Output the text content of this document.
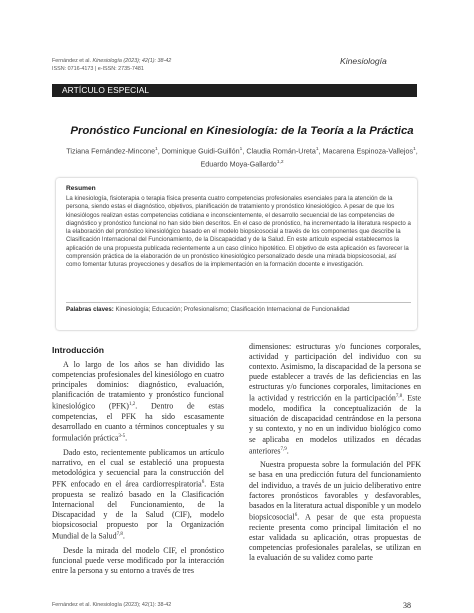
Fernández et al. Kinesiología (2023); 42(1): 38-42
ISSN: 0716-4173 | e-ISSN: 2735-7481
Kinesiología
ARTÍCULO ESPECIAL
Pronóstico Funcional en Kinesiología: de la Teoría a la Práctica
Tiziana Fernández-Mincone$^1$, Dominique Guidi-Guillón$^1$, Claudia Román-Ureta$^1$, Macarena Espinoza-Vallejos$^1$, Eduardo Moya-Gallardo$^{1,2}$
Resumen
La kinesiología, fisioterapia o terapia física presenta cuatro competencias profesionales esenciales para la atención de la persona, siendo estas el diagnóstico, objetivos, planificación de tratamiento y pronóstico kinesiológico. A pesar de que los kinesiólogos realizan estas competencias cotidiana e inconscientemente, el desarrollo secuencial de las competencias de diagnóstico y pronóstico funcional no han sido bien descritos. En el caso de pronóstico, ha incrementado la literatura respecto a la elaboración del pronóstico kinesiológico basado en el modelo biopsicosocial a través de los componentes que describe la Clasificación Internacional del Funcionamiento, de la Discapacidad y de la Salud. En este artículo especial establecemos la aplicación de una propuesta publicada recientemente a un caso clínico hipotético. El objetivo de esta aplicación es favorecer la comprensión práctica de la elaboración de un pronóstico kinesiológico personalizado desde una mirada biopsicosocial, así como fomentar futuras proyecciones y desafíos de la implementación en la formación docente e investigación.
Palabras claves: Kinesiología; Educación; Profesionalismo; Clasificación Internacional de Funcionalidad
Introducción

A lo largo de los años se han dividido las competencias profesionales del kinesiólogo en cuatro principales dominios: diagnóstico, evaluación, planificación de tratamiento y pronóstico funcional kinesiológico (PFK)$^{1,2}$. Dentro de estas competencias, el PFK ha sido escasamente desarrollado en cuanto a términos conceptuales y su formulación práctica$^{3-5}$.

Dado esto, recientemente publicamos un artículo narrativo, en el cual se estableció una propuesta metodológica y secuencial para la construcción del PFK enfocado en el área cardiorrespiratoria$^6$. Esta propuesta se realizó basado en la Clasificación Internacional del Funcionamiento, de la Discapacidad y de la Salud (CIF), modelo biopsicosocial propuesto por la Organización Mundial de la Salud$^{7,8}$.

Desde la mirada del modelo CIF, el pronóstico funcional puede verse modificado por la interacción entre la persona y su entorno a través de tres

dimensiones: estructuras y/o funciones corporales, actividad y participación del individuo con su contexto. Asimismo, la discapacidad de la persona se puede establecer a través de las deficiencias en las estructuras y/o funciones corporales, limitaciones en la actividad y restricción en la participación$^{7,8}$. Este modelo, modifica la conceptualización de la situación de discapacidad centrándose en la persona y su contexto, y no en un individuo biológico como se aplicaba en modelos utilizados en décadas anteriores$^{7,9}$.

Nuestra propuesta sobre la formulación del PFK se basa en una predicción futura del funcionamiento del individuo, a través de un juicio deliberativo entre factores pronósticos favorables y desfavorables, basados en la literatura actual disponible y un modelo biopsicosocial$^6$. A pesar de que esta propuesta reciente presenta como principal limitación el no estar validada su aplicación, otras propuestas de competencias profesionales paralelas, se utilizan en la evaluación de su validez como parte

Fernández et al. Kinesiología (2023); 42(1): 38-42	38
